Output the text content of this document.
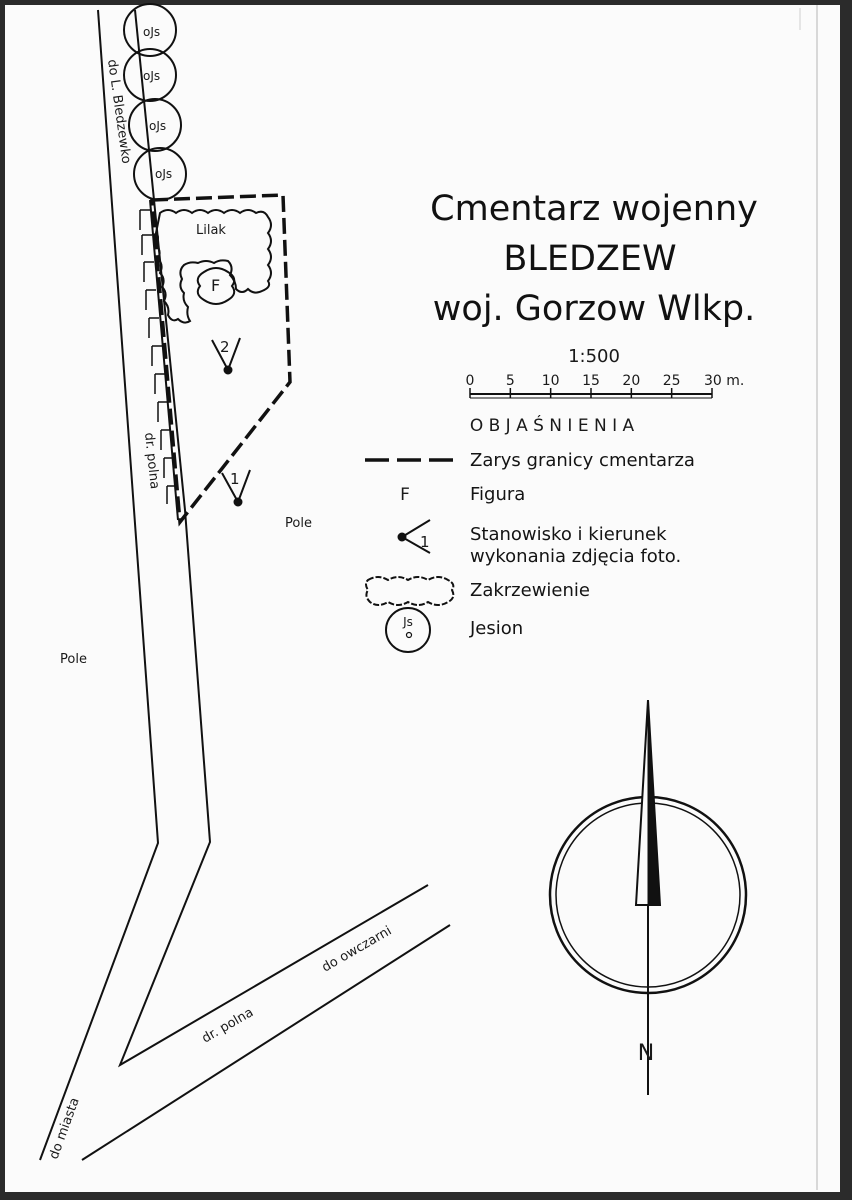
oJs
oJs
oJs
oJs
do L. Bledzewko
dr. polna
dr. polna
do owczarni
do miasta
Pole
Pole
Lilak
F
2
1
Cmentarz wojenny
BLEDZEW
woj. Gorzow Wlkp.
1:500
0 5 10 15 20 25 30 m.
O B J A Ś N I E N I A
Zarys granicy cmentarza
F	Figura
1 Stanowisko i kierunek
wykonania zdjęcia foto.
Zakrzewienie
Js	Jesion
N
